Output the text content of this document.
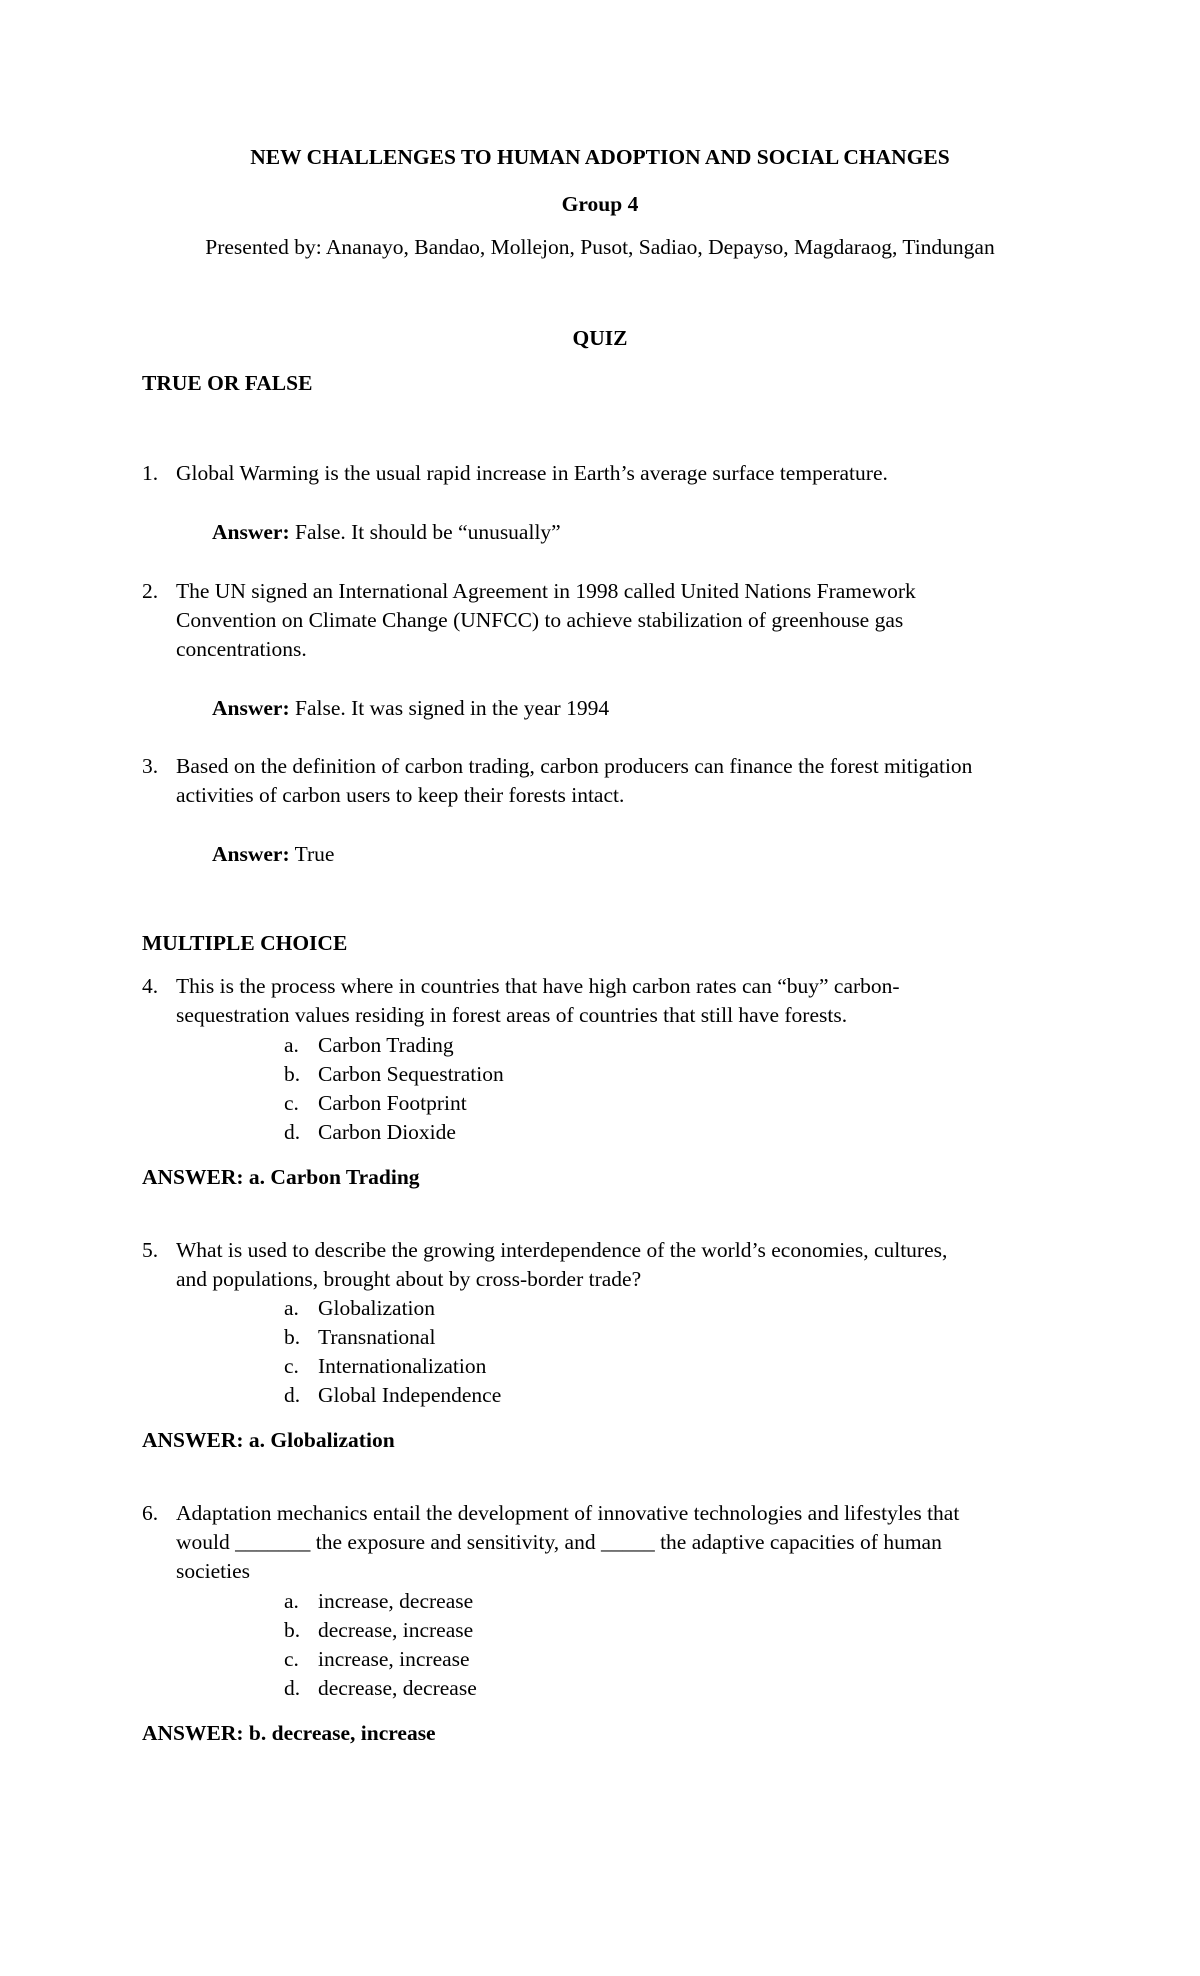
NEW CHALLENGES TO HUMAN ADOPTION AND SOCIAL CHANGES
Group 4
Presented by: Ananayo, Bandao, Mollejon, Pusot, Sadiao, Depayso, Magdaraog, Tindungan
QUIZ
TRUE OR FALSE
1. Global Warming is the usual rapid increase in Earth’s average surface temperature.
Answer: False. It should be “unusually”
2. The UN signed an International Agreement in 1998 called United Nations Framework
Convention on Climate Change (UNFCC) to achieve stabilization of greenhouse gas
concentrations.
Answer: False. It was signed in the year 1994
3. Based on the definition of carbon trading, carbon producers can finance the forest mitigation
activities of carbon users to keep their forests intact.
Answer: True
MULTIPLE CHOICE
4. This is the process where in countries that have high carbon rates can “buy” carbon-
sequestration values residing in forest areas of countries that still have forests.
a. Carbon Trading
b. Carbon Sequestration
c. Carbon Footprint
d. Carbon Dioxide
ANSWER: a. Carbon Trading
5. What is used to describe the growing interdependence of the world’s economies, cultures,
and populations, brought about by cross-border trade?
a. Globalization
b. Transnational
c. Internationalization
d. Global Independence
ANSWER: a. Globalization
6. Adaptation mechanics entail the development of innovative technologies and lifestyles that
would _______ the exposure and sensitivity, and _____ the adaptive capacities of human
societies
a. increase, decrease
b. decrease, increase
c. increase, increase
d. decrease, decrease
ANSWER: b. decrease, increase
